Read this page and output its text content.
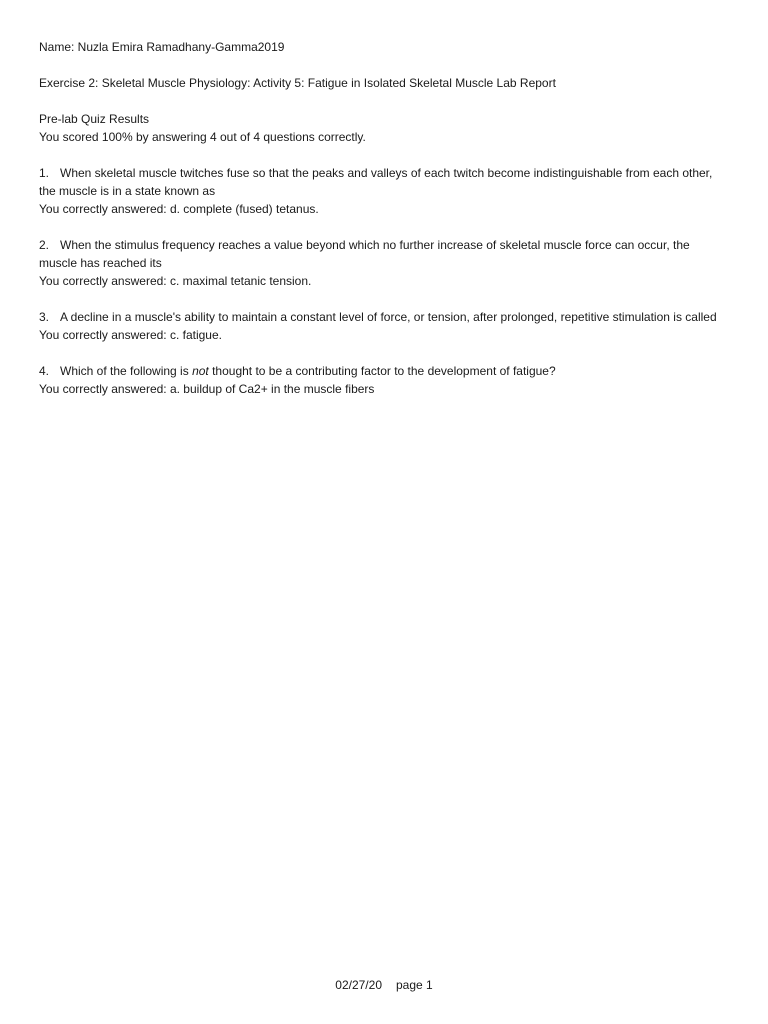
Name: Nuzla Emira Ramadhany-Gamma2019

Exercise 2: Skeletal Muscle Physiology: Activity 5: Fatigue in Isolated Skeletal Muscle Lab Report

Pre-lab Quiz Results

You scored 100% by answering 4 out of 4 questions correctly.

1. When skeletal muscle twitches fuse so that the peaks and valleys of each twitch become indistinguishable from each other, the muscle is in a state known as

You correctly answered: d. complete (fused) tetanus.

2. When the stimulus frequency reaches a value beyond which no further increase of skeletal muscle force can occur, the muscle has reached its

You correctly answered: c. maximal tetanic tension.

3. A decline in a muscle's ability to maintain a constant level of force, or tension, after prolonged, repetitive stimulation is called

You correctly answered: c. fatigue.

4. Which of the following is not thought to be a contributing factor to the development of fatigue?

You correctly answered: a. buildup of Ca2+ in the muscle fibers

02/27/20 page 1
